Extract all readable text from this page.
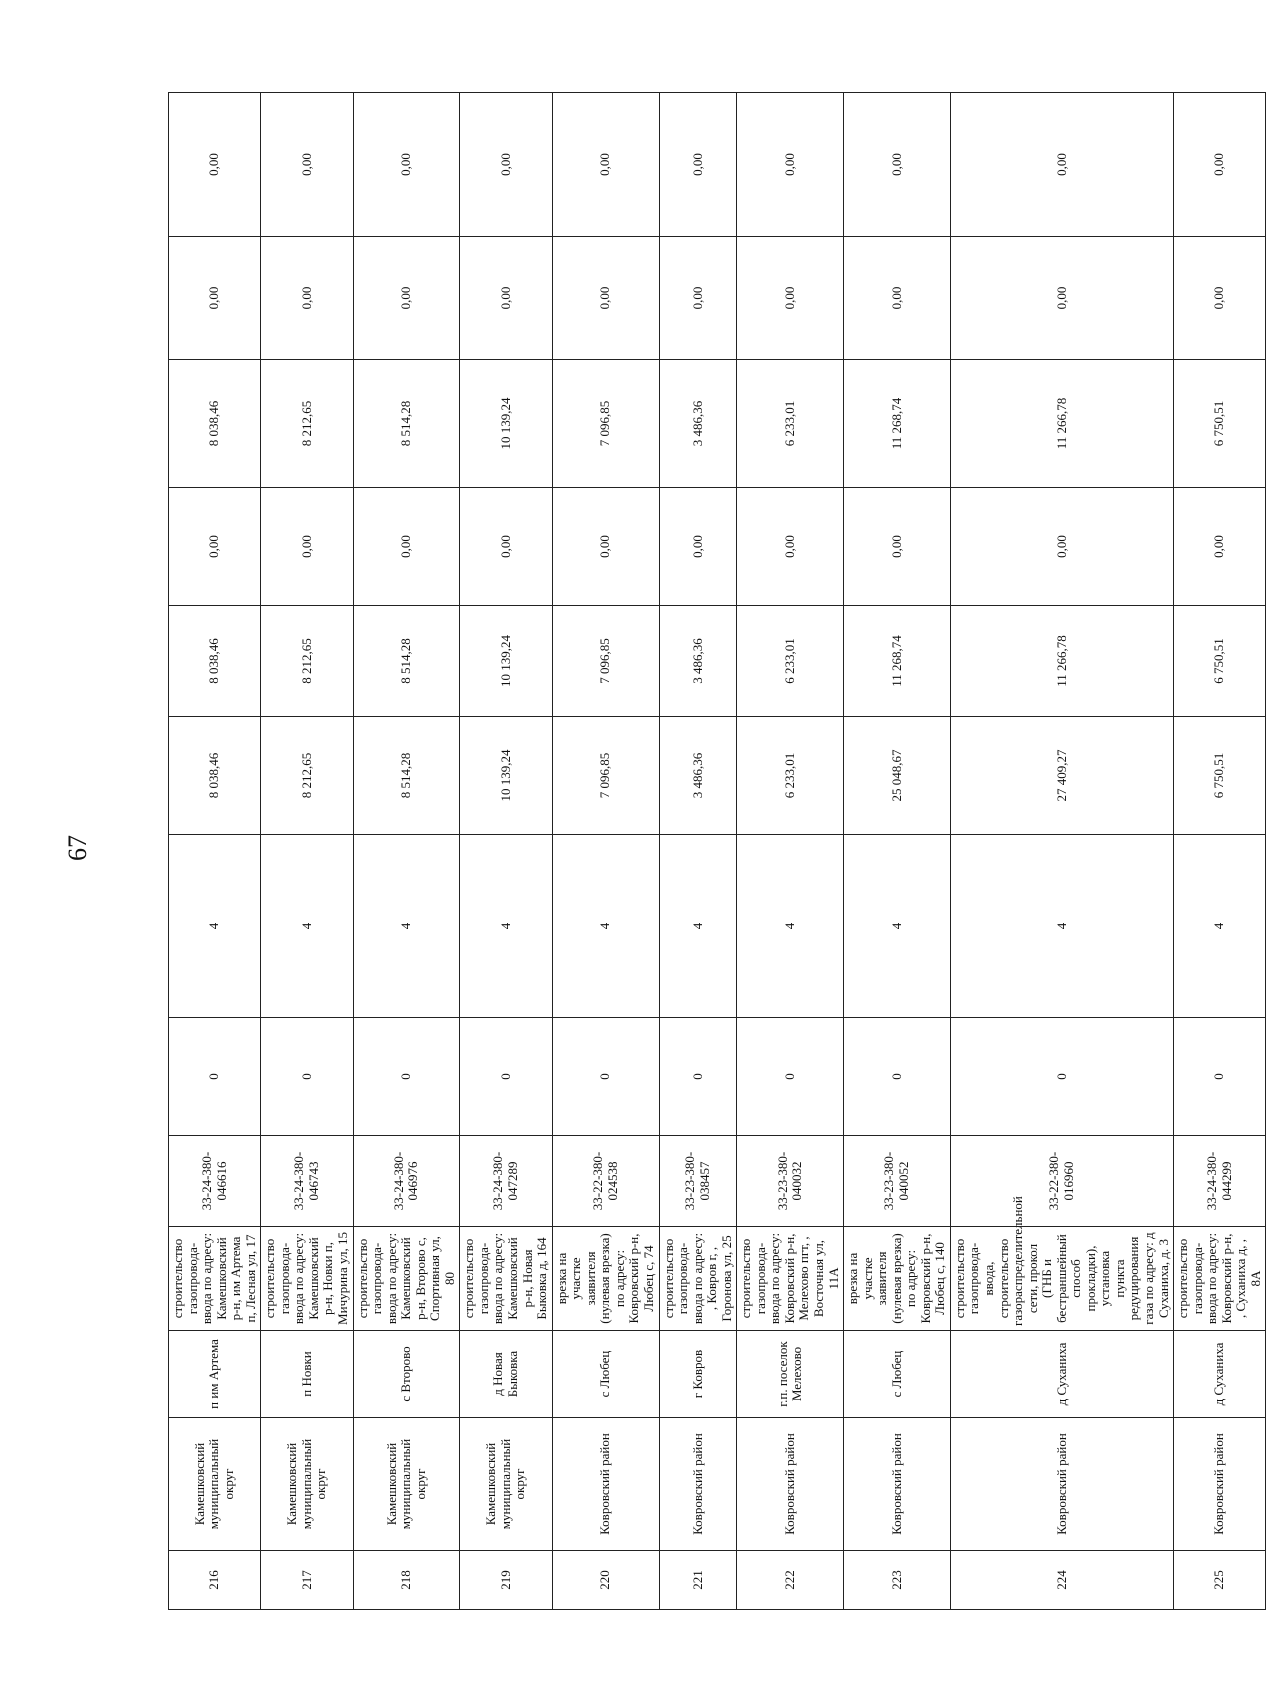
67
216	Камешковский муниципальный округ	п им Артема	строительство газопровода-ввода по адресу: Камешковский р-н, им Артема п, Лесная ул, 17	33-24-380-046616	0	4	8 038,46	8 038,46	0,00	8 038,46	0,00	0,00
217	Камешковский муниципальный округ	п Новки	строительство газопровода-ввода по адресу: Камешковский р-н, Новки п, Мичурина ул, 15	33-24-380-046743	0	4	8 212,65	8 212,65	0,00	8 212,65	0,00	0,00
218	Камешковский муниципальный округ	с Второво	строительство газопровода-ввода по адресу: Камешковский р-н, Второво с, Спортивная ул, 80	33-24-380-046976	0	4	8 514,28	8 514,28	0,00	8 514,28	0,00	0,00
219	Камешковский муниципальный округ	д Новая Быковка	строительство газопровода-ввода по адресу: Камешковский р-н, Новая Быковка д, 164	33-24-380-047289	0	4	10 139,24	10 139,24	0,00	10 139,24	0,00	0,00
220	Ковровский район	с Любец	врезка на участке заявителя (нулевая врезка) по адресу: Ковровский р-н, Любец с, 74	33-22-380-024538	0	4	7 096,85	7 096,85	0,00	7 096,85	0,00	0,00
221	Ковровский район	г Ковров	строительство газопровода-ввода по адресу: , Ковров г, , Горонова ул, 25	33-23-380-038457	0	4	3 486,36	3 486,36	0,00	3 486,36	0,00	0,00
222	Ковровский район	г.п. поселок Мелехово	строительство газопровода-ввода по адресу: Ковровский р-н, Мелехово пгт, , Восточная ул, 11А	33-23-380-040032	0	4	6 233,01	6 233,01	0,00	6 233,01	0,00	0,00
223	Ковровский район	с Любец	врезка на участке заявителя (нулевая врезка) по адресу: Ковровский р-н, Любец с, 140	33-23-380-040052	0	4	25 048,67	11 268,74	0,00	11 268,74	0,00	0,00
224	Ковровский район	д Суханиха	строительство газопровода-ввода, строительство газораспределительной сети, прокол (ГНБ и бестраншейный способ прокладки), установка пункта редуцирования газа по адресу: д Суханиха, д. 3	33-22-380-016960	0	4	27 409,27	11 266,78	0,00	11 266,78	0,00	0,00
225	Ковровский район	д Суханиха	строительство газопровода-ввода по адресу: Ковровский р-н, , Суханиха д, , 8А	33-24-380-044299	0	4	6 750,51	6 750,51	0,00	6 750,51	0,00	0,00
